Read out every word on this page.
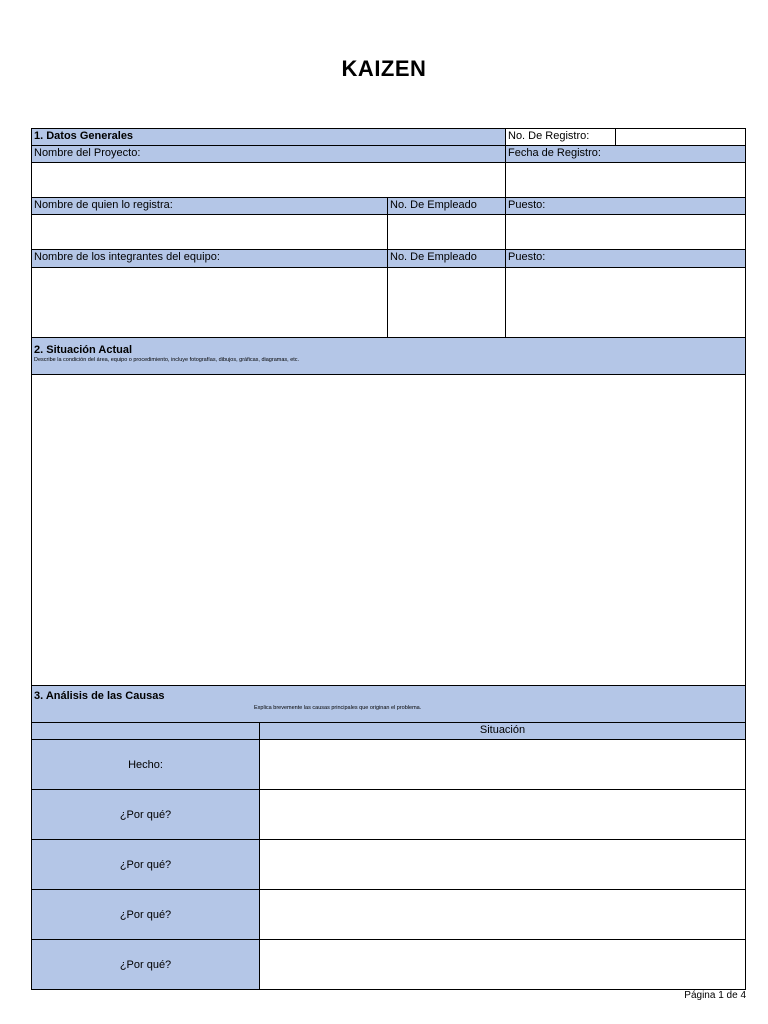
KAIZEN
1. Datos Generales	No. De Registro:
Nombre del Proyecto:	Fecha de Registro:
Nombre de quien lo registra:	No. De Empleado	Puesto:
Nombre de los integrantes del equipo:	No. De Empleado	Puesto:
2. Situación Actual
Describe la condición del área, equipo o procedimiento, incluye fotografías, dibujos, gráficas, diagramas, etc.
3. Análisis de las Causas
Explica brevemente las causas principales que originan el problema.
Situación
Hecho:
¿Por qué?
¿Por qué?
¿Por qué?
¿Por qué?
Página 1 de 4
